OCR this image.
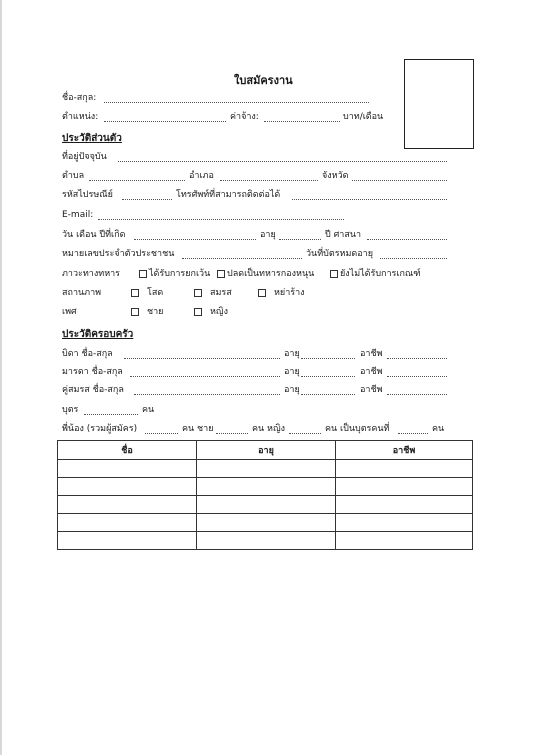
ใบสมัครงาน
ชื่อ-สกุล:
ตำแหน่ง:	ค่าจ้าง:	บาท/เดือน
ประวัติส่วนตัว
ที่อยู่ปัจจุบัน
ตำบล	อำเภอ	จังหวัด
รหัสไปรษณีย์	โทรศัพท์ที่สามารถติดต่อได้
E-mail:
วัน เดือน ปีที่เกิด	อายุ	ปี ศาสนา
หมายเลขประจำตัวประชาชน	วันที่บัตรหมดอายุ
ภาวะทางทหาร	ได้รับการยกเว้น	ปลดเป็นทหารกองหนุน	ยังไม่ได้รับการเกณฑ์
สถานภาพ	โสด	สมรส	หย่าร้าง
เพศ	ชาย	หญิง
ประวัติครอบครัว
บิดา ชื่อ-สกุล	อายุ	อาชีพ
มารดา ชื่อ-สกุล	อายุ	อาชีพ
คู่สมรส ชื่อ-สกุล	อายุ	อาชีพ
บุตร	คน
พี่น้อง (รวมผู้สมัคร)	คน ชาย	คน หญิง	คน เป็นบุตรคนที่	คน
ชื่อ	อายุ	อาชีพ
